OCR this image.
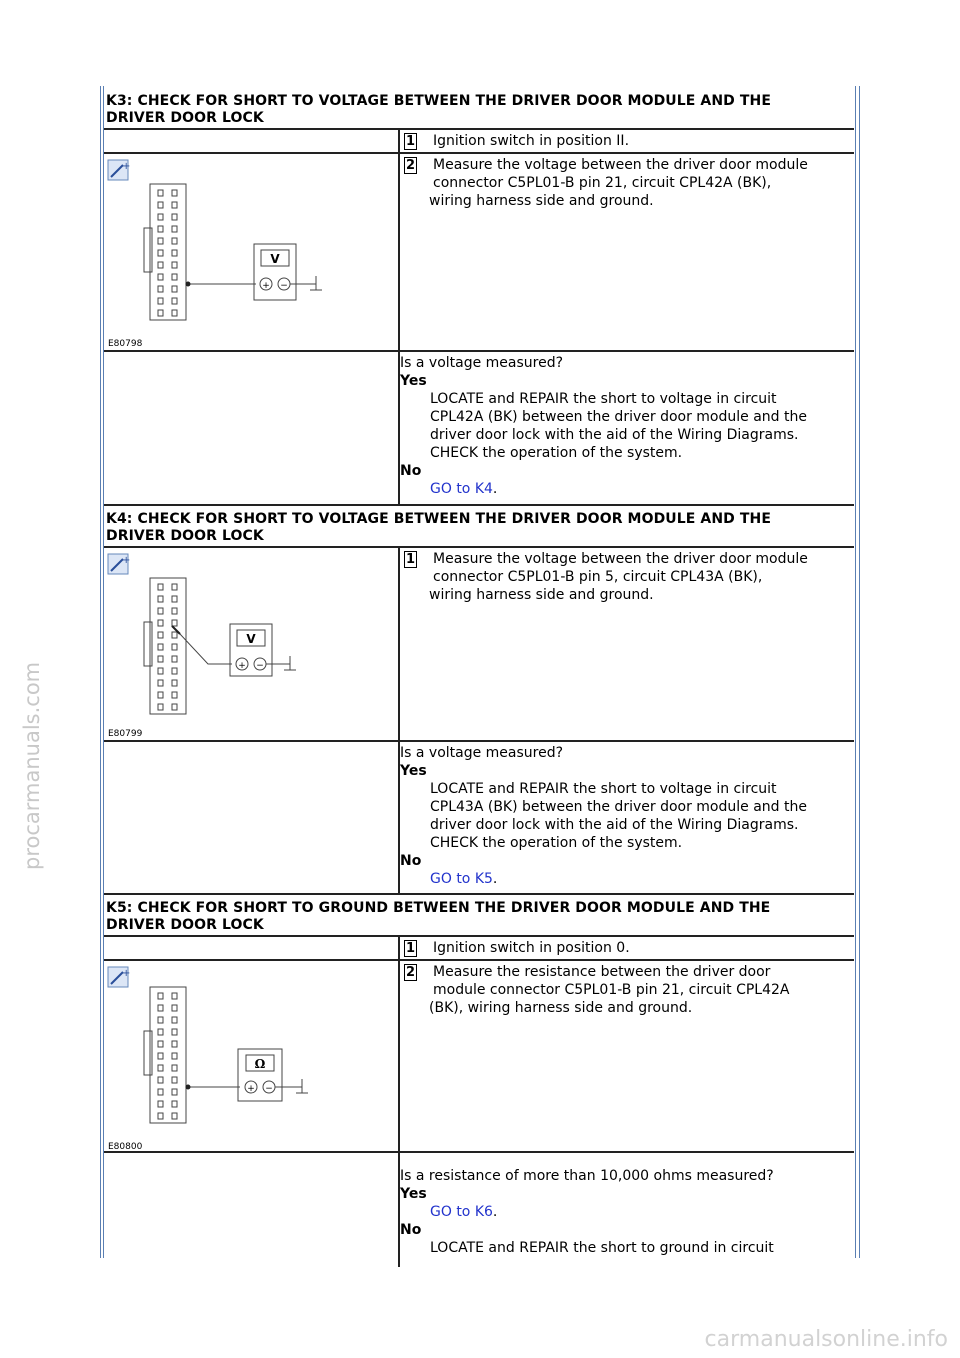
procarmanuals.com
carmanualsonline.info
K3: CHECK FOR SHORT TO VOLTAGE BETWEEN THE DRIVER DOOR MODULE AND THE
DRIVER DOOR LOCK
1 Ignition switch in position II.
+
V
+ −
E80798
2 Measure the voltage between the driver door module
connector C5PL01-B pin 21, circuit CPL42A (BK),
wiring harness side and ground.
Is a voltage measured?
Yes
LOCATE and REPAIR the short to voltage in circuit
CPL42A (BK) between the driver door module and the
driver door lock with the aid of the Wiring Diagrams.
CHECK the operation of the system.
No
GO to K4.
K4: CHECK FOR SHORT TO VOLTAGE BETWEEN THE DRIVER DOOR MODULE AND THE
DRIVER DOOR LOCK
+
V
+ −
E80799
1 Measure the voltage between the driver door module
connector C5PL01-B pin 5, circuit CPL43A (BK),
wiring harness side and ground.
Is a voltage measured?
Yes
LOCATE and REPAIR the short to voltage in circuit
CPL43A (BK) between the driver door module and the
driver door lock with the aid of the Wiring Diagrams.
CHECK the operation of the system.
No
GO to K5.
K5: CHECK FOR SHORT TO GROUND BETWEEN THE DRIVER DOOR MODULE AND THE
DRIVER DOOR LOCK
1 Ignition switch in position 0.
+
Ω
+ −
E80800
2 Measure the resistance between the driver door
module connector C5PL01-B pin 21, circuit CPL42A
(BK), wiring harness side and ground.
Is a resistance of more than 10,000 ohms measured?
Yes
GO to K6.
No
LOCATE and REPAIR the short to ground in circuit
